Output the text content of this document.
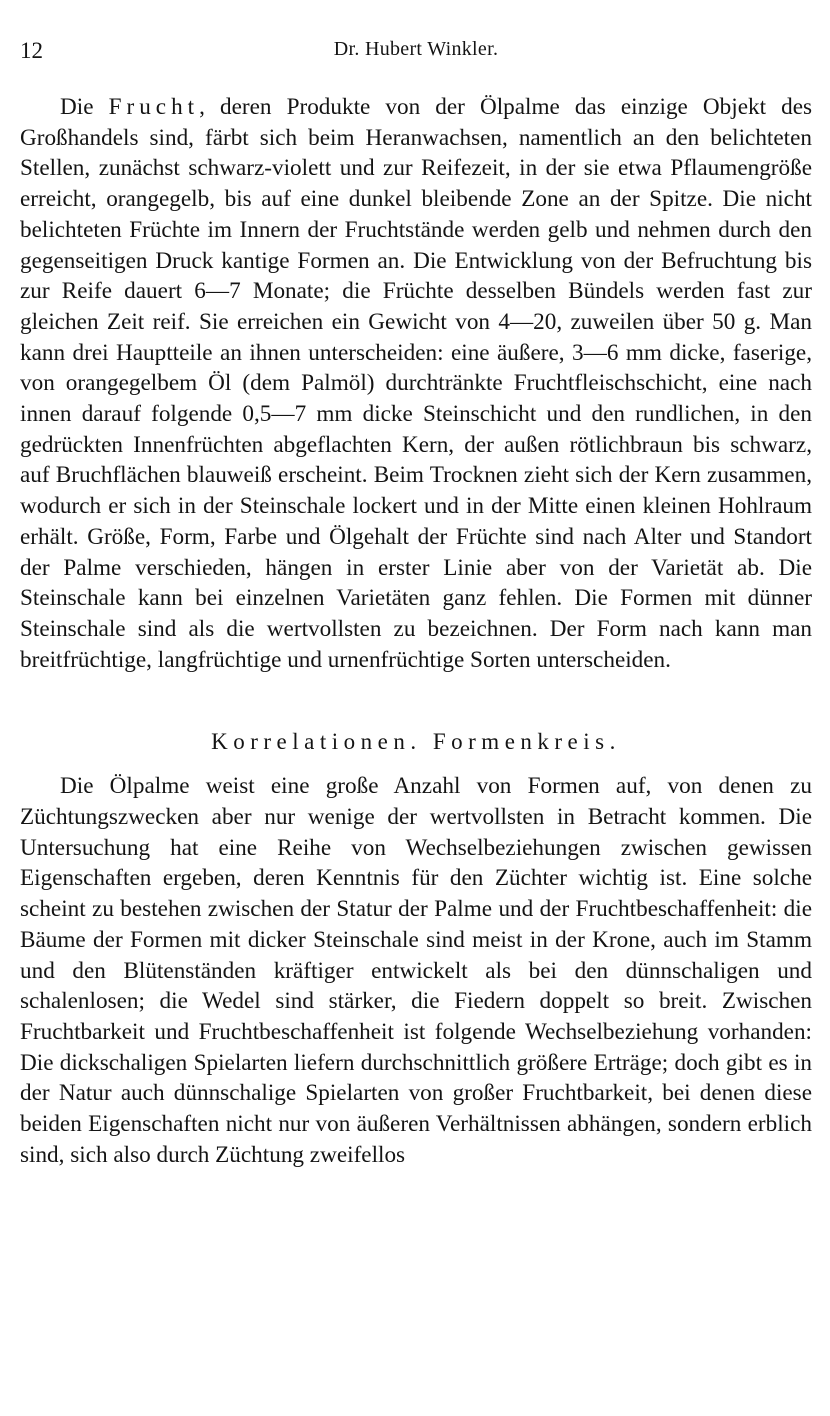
12	Dr. Hubert Winkler.

Die Frucht, deren Produkte von der Ölpalme das einzige Objekt des Großhandels sind, färbt sich beim Heranwachsen, namentlich an den belichteten Stellen, zunächst schwarz-violett und zur Reifezeit, in der sie etwa Pflaumengröße erreicht, orangegelb, bis auf eine dunkel bleibende Zone an der Spitze. Die nicht belichteten Früchte im Innern der Fruchtstände werden gelb und nehmen durch den gegenseitigen Druck kantige Formen an. Die Entwicklung von der Befruchtung bis zur Reife dauert 6—7 Monate; die Früchte desselben Bündels werden fast zur gleichen Zeit reif. Sie erreichen ein Gewicht von 4—20, zuweilen über 50 g. Man kann drei Hauptteile an ihnen unterscheiden: eine äußere, 3—6 mm dicke, faserige, von orangegelbem Öl (dem Palmöl) durchtränkte Fruchtfleischschicht, eine nach innen darauf folgende 0,5—7 mm dicke Steinschicht und den rundlichen, in den gedrückten Innenfrüchten abgeflachten Kern, der außen rötlichbraun bis schwarz, auf Bruchflächen blauweiß erscheint. Beim Trocknen zieht sich der Kern zusammen, wodurch er sich in der Steinschale lockert und in der Mitte einen kleinen Hohlraum erhält. Größe, Form, Farbe und Ölgehalt der Früchte sind nach Alter und Standort der Palme verschieden, hängen in erster Linie aber von der Varietät ab. Die Steinschale kann bei einzelnen Varietäten ganz fehlen. Die Formen mit dünner Steinschale sind als die wertvollsten zu bezeichnen. Der Form nach kann man breitfrüchtige, langfrüchtige und urnenfrüchtige Sorten unterscheiden.

Korrelationen. Formenkreis.

Die Ölpalme weist eine große Anzahl von Formen auf, von denen zu Züchtungszwecken aber nur wenige der wertvollsten in Betracht kommen. Die Untersuchung hat eine Reihe von Wechselbeziehungen zwischen gewissen Eigenschaften ergeben, deren Kenntnis für den Züchter wichtig ist. Eine solche scheint zu bestehen zwischen der Statur der Palme und der Fruchtbeschaffenheit: die Bäume der Formen mit dicker Steinschale sind meist in der Krone, auch im Stamm und den Blütenständen kräftiger entwickelt als bei den dünnschaligen und schalenlosen; die Wedel sind stärker, die Fiedern doppelt so breit. Zwischen Fruchtbarkeit und Fruchtbeschaffenheit ist folgende Wechselbeziehung vorhanden: Die dickschaligen Spielarten liefern durchschnittlich größere Erträge; doch gibt es in der Natur auch dünnschalige Spielarten von großer Fruchtbarkeit, bei denen diese beiden Eigenschaften nicht nur von äußeren Verhältnissen abhängen, sondern erblich sind, sich also durch Züchtung zweifellos
